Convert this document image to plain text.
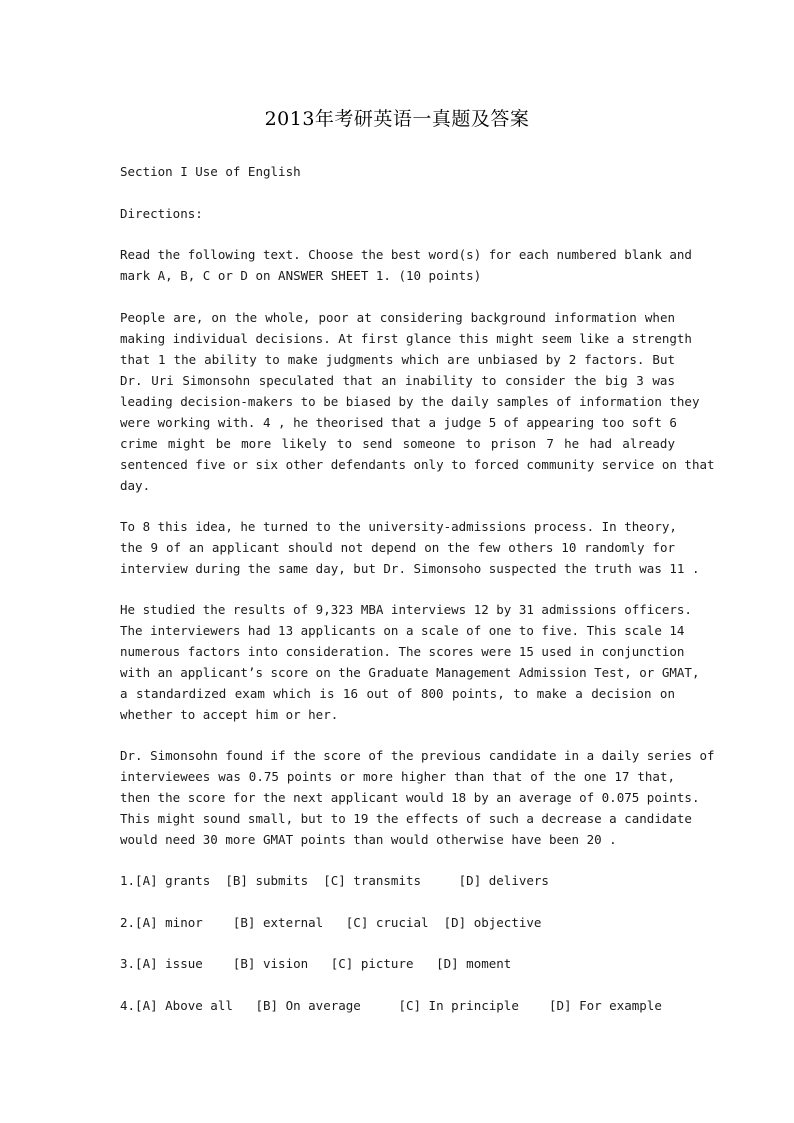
2013年考研英语一真题及答案

Section I Use of English

Directions:

Read the following text. Choose the best word(s) for each numbered blank and

mark A, B, C or D on ANSWER SHEET 1. (10 points)

People are, on the whole, poor at considering background information when

making individual decisions. At first glance this might seem like a strength

that 1 the ability to make judgments which are unbiased by 2 factors. But

Dr. Uri Simonsohn speculated that an inability to consider the big 3 was

leading decision-makers to be biased by the daily samples of information they

were working with. 4 , he theorised that a judge 5 of appearing too soft 6

crime might be more likely to send someone to prison 7 he had already

sentenced five or six other defendants only to forced community service on that

day.

To 8 this idea, he turned to the university-admissions process. In theory,

the 9 of an applicant should not depend on the few others 10 randomly for

interview during the same day, but Dr. Simonsoho suspected the truth was 11 .

He studied the results of 9,323 MBA interviews 12 by 31 admissions officers.

The interviewers had 13 applicants on a scale of one to five. This scale 14

numerous factors into consideration. The scores were 15 used in conjunction

with an applicant’s score on the Graduate Management Admission Test, or GMAT,

a standardized exam which is 16 out of 800 points, to make a decision on

whether to accept him or her.

Dr. Simonsohn found if the score of the previous candidate in a daily series of

interviewees was 0.75 points or more higher than that of the one 17 that,

then the score for the next applicant would 18 by an average of 0.075 points.

This might sound small, but to 19 the effects of such a decrease a candidate

would need 30 more GMAT points than would otherwise have been 20 .

1.[A] grants  [B] submits  [C] transmits     [D] delivers

2.[A] minor    [B] external   [C] crucial  [D] objective

3.[A] issue    [B] vision   [C] picture   [D] moment

4.[A] Above all   [B] On average     [C] In principle    [D] For example
